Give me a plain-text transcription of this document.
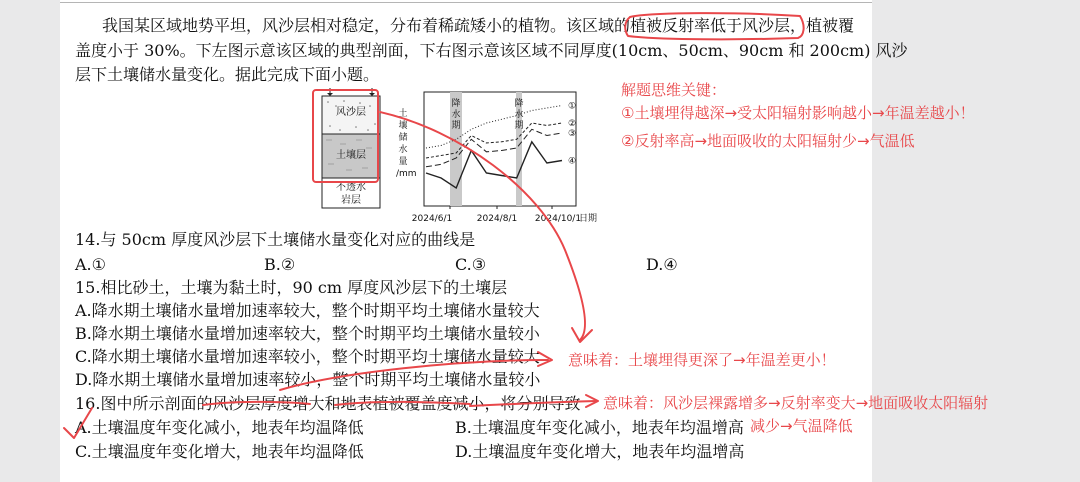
我国某区域地势平坦，风沙层相对稳定，分布着稀疏矮小的植物。该区域的植被反射率低于风沙层，植被覆
盖度小于 30%。下左图示意该区域的典型剖面，下右图示意该区域不同厚度(10cm、50cm、90cm 和 200cm) 风沙
层下土壤储水量变化。据此完成下面小题。
风沙层
土壤层
不透水
岩层
土
壤
储
水
量
/mm
降
水
期
降
水
期
①
②
③
④
2024/6/1	2024/8/1 2024/10/1
日期
14.与 50cm 厚度风沙层下土壤储水量变化对应的曲线是
A.①	B.②	C.③	D.④
15.相比砂土，土壤为黏土时，90 cm 厚度风沙层下的土壤层
A.降水期土壤储水量增加速率较大，整个时期平均土壤储水量较大
B.降水期土壤储水量增加速率较大，整个时期平均土壤储水量较小
C.降水期土壤储水量增加速率较小，整个时期平均土壤储水量较大
D.降水期土壤储水量增加速率较小，整个时期平均土壤储水量较小
16.图中所示剖面的风沙层厚度增大和地表植被覆盖度减小，将分别导致
A.土壤温度年变化减小，地表年均温降低	B.土壤温度年变化减小，地表年均温增高
C.土壤温度年变化增大，地表年均温降低	D.土壤温度年变化增大，地表年均温增高
解题思维关键：
①土壤埋得越深→受太阳辐射影响越小→年温差越小！
②反射率高→地面吸收的太阳辐射少→气温低
意味着：土壤埋得更深了→年温差更小！
意味着：风沙层裸露增多→反射率变大→地面吸收太阳辐射
减少→气温降低
